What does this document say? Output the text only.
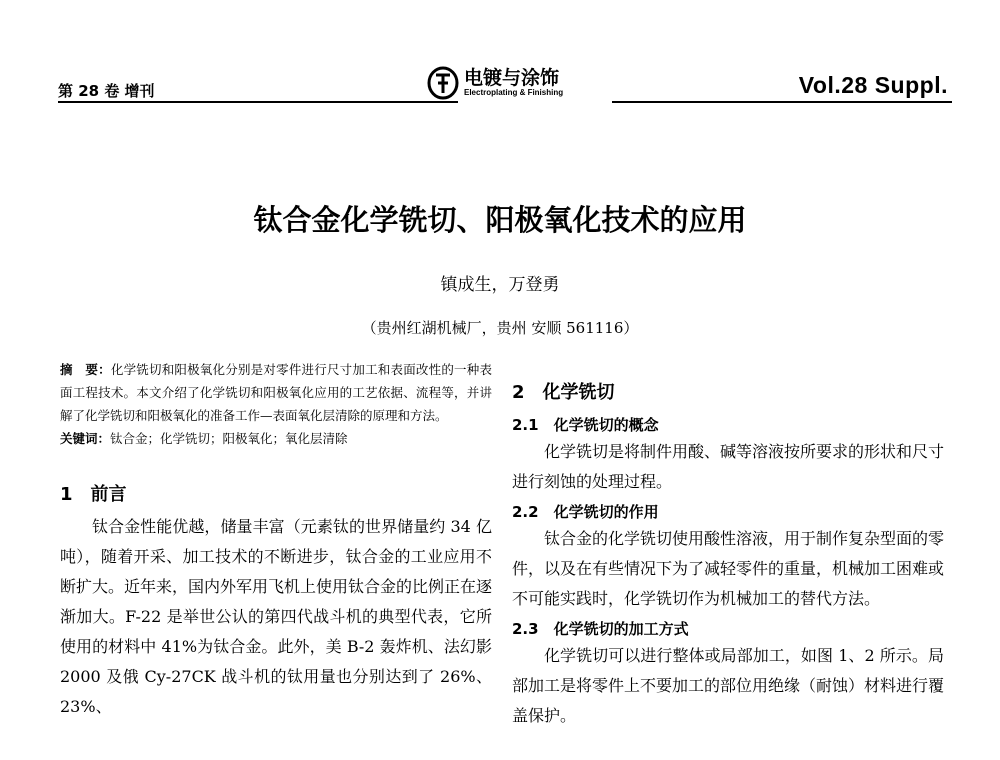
第 28 卷 增刊
电镀与涂饰
Electroplating & Finishing	Vol.28 Suppl.
钛合金化学铣切、阳极氧化技术的应用
镇成生，万登勇
（贵州红湖机械厂，贵州 安顺 561116）
摘　要：化学铣切和阳极氧化分别是对零件进行尺寸加工和表面改性的一种表面工程技术。本文介绍了化学铣切和阳极氧化应用的工艺依据、流程等，并讲解了化学铣切和阳极氧化的准备工作—表面氧化层清除的原理和方法。
关键词：钛合金；化学铣切；阳极氧化；氧化层清除
1　前言
钛合金性能优越，储量丰富（元素钛的世界储量约 34 亿吨），随着开采、加工技术的不断进步，钛合金的工业应用不断扩大。近年来，国内外军用飞机上使用钛合金的比例正在逐渐加大。F-22 是举世公认的第四代战斗机的典型代表，它所使用的材料中 41%为钛合金。此外，美 B-2 轰炸机、法幻影 2000 及俄 Cy-27CK 战斗机的钛用量也分别达到了 26%、23%、
2　化学铣切
2.1　化学铣切的概念
化学铣切是将制件用酸、碱等溶液按所要求的形状和尺寸进行刻蚀的处理过程。
2.2　化学铣切的作用
钛合金的化学铣切使用酸性溶液，用于制作复杂型面的零件，以及在有些情况下为了减轻零件的重量，机械加工困难或不可能实践时，化学铣切作为机械加工的替代方法。
2.3　化学铣切的加工方式
化学铣切可以进行整体或局部加工，如图 1、2 所示。局部加工是将零件上不要加工的部位用绝缘（耐蚀）材料进行覆盖保护。
